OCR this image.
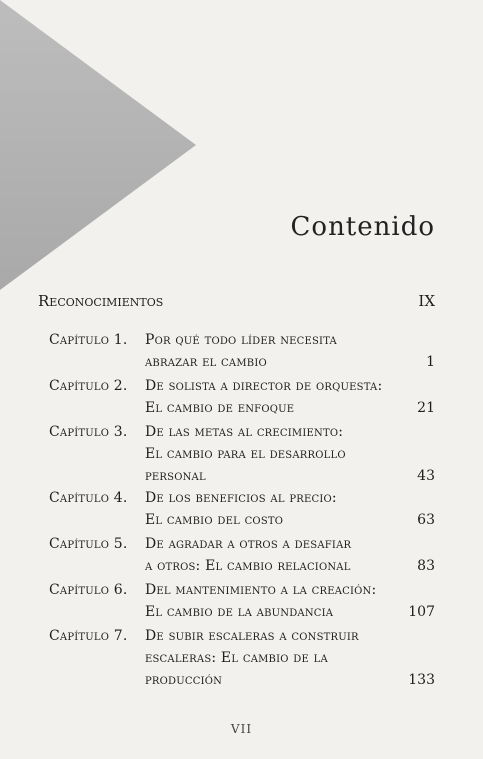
Contenido
Reconocimientos	IX
Capítulo 1.	Por qué todo líder necesita
abrazar el cambio	1
Capítulo 2.	De solista a director de orquesta:
El cambio de enfoque	21
Capítulo 3.	De las metas al crecimiento:
El cambio para el desarrollo
personal	43
Capítulo 4.	De los beneficios al precio:
El cambio del costo	63
Capítulo 5.	De agradar a otros a desafiar
a otros: El cambio relacional	83
Capítulo 6.	Del mantenimiento a la creación:
El cambio de la abundancia	107
Capítulo 7.	De subir escaleras a construir
escaleras: El cambio de la
producción	133
VII
